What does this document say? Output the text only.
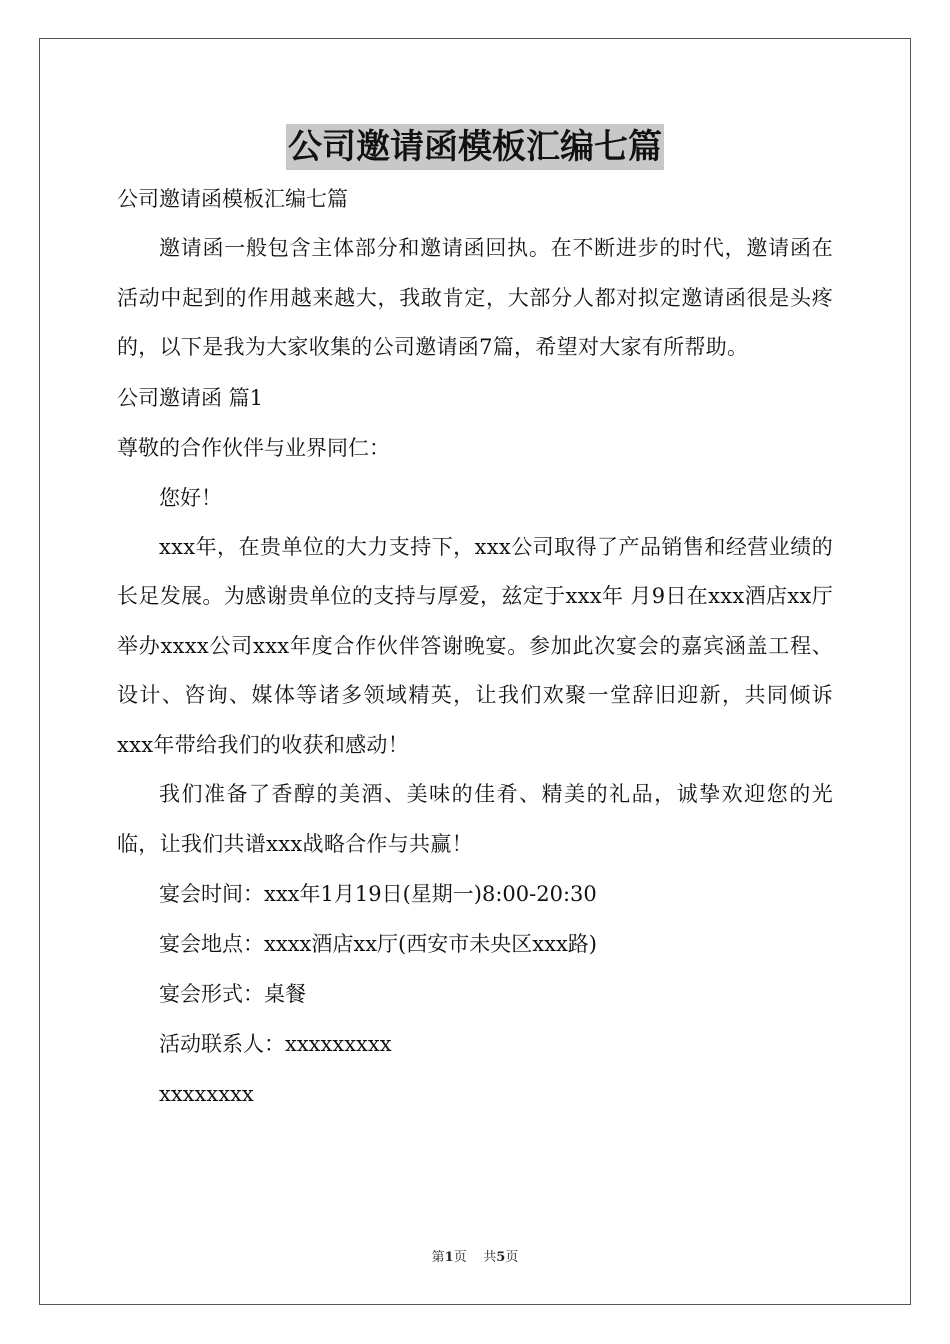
公司邀请函模板汇编七篇
公司邀请函模板汇编七篇

邀请函一般包含主体部分和邀请函回执。在不断进步的时代，邀请函在活动中起到的作用越来越大，我敢肯定，大部分人都对拟定邀请函很是头疼的，以下是我为大家收集的公司邀请函7篇，希望对大家有所帮助。

公司邀请函 篇1
尊敬的合作伙伴与业界同仁：
您好！

xxx年，在贵单位的大力支持下，xxx公司取得了产品销售和经营业绩的长足发展。为感谢贵单位的支持与厚爱，兹定于xxx年 月9日在xxx酒店xx厅举办xxxx公司xxx年度合作伙伴答谢晚宴。参加此次宴会的嘉宾涵盖工程、设计、咨询、媒体等诸多领域精英，让我们欢聚一堂辞旧迎新，共同倾诉xxx年带给我们的收获和感动！

我们准备了香醇的美酒、美味的佳肴、精美的礼品，诚挚欢迎您的光临，让我们共谱xxx战略合作与共赢！

宴会时间：xxx年1月19日(星期一)8:00-20:30
宴会地点：xxxx酒店xx厅(西安市未央区xxx路)
宴会形式：桌餐
活动联系人：xxxxxxxxx
xxxxxxxx
第1页 共5页
